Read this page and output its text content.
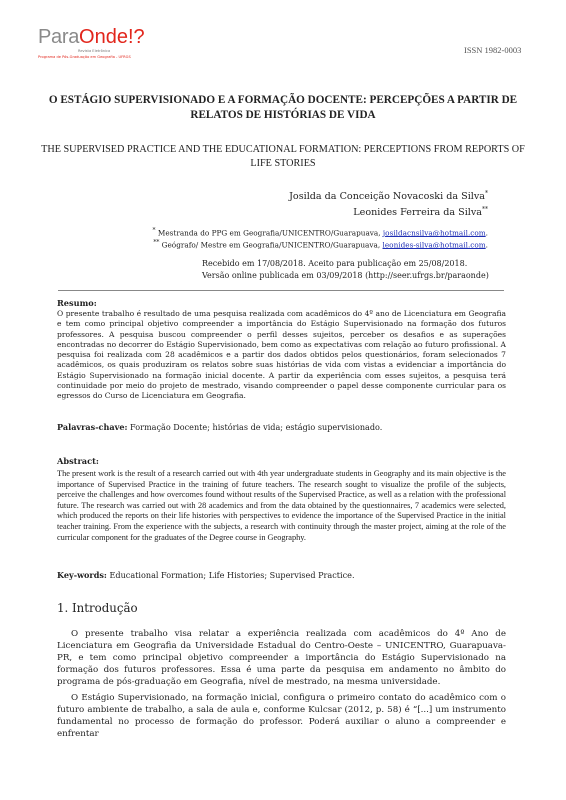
ParaOnde!?
Revista Eletrônica
Programa de Pós-Graduação em Geografia - UFRGS
ISSN 1982-0003
O ESTÁGIO SUPERVISIONADO E A FORMAÇÃO DOCENTE: PERCEPÇÕES A PARTIR DE RELATOS DE HISTÓRIAS DE VIDA
THE SUPERVISED PRACTICE AND THE EDUCATIONAL FORMATION: PERCEPTIONS FROM REPORTS OF LIFE STORIES
Josilda da Conceição Novacoski da Silva*
Leonides Ferreira da Silva**
* Mestranda do PPG em Geografia/UNICENTRO/Guarapuava, josildacnsilva@hotmail.com.
** Geógrafo/ Mestre em Geografia/UNICENTRO/Guarapuava, leonides-silva@hotmail.com.
Recebido em 17/08/2018. Aceito para publicação em 25/08/2018.
Versão online publicada em 03/09/2018 (http://seer.ufrgs.br/paraonde)
Resumo:
O presente trabalho é resultado de uma pesquisa realizada com acadêmicos do 4º ano de Licenciatura em Geografia e tem como principal objetivo compreender a importância do Estágio Supervisionado na formação dos futuros professores. A pesquisa buscou compreender o perfil desses sujeitos, perceber os desafios e as superações encontradas no decorrer do Estágio Supervisionado, bem como as expectativas com relação ao futuro profissional. A pesquisa foi realizada com 28 acadêmicos e a partir dos dados obtidos pelos questionários, foram selecionados 7 acadêmicos, os quais produziram os relatos sobre suas histórias de vida com vistas a evidenciar a importância do Estágio Supervisionado na formação inicial docente. A partir da experiência com esses sujeitos, a pesquisa terá continuidade por meio do projeto de mestrado, visando compreender o papel desse componente curricular para os egressos do Curso de Licenciatura em Geografia.
Palavras-chave: Formação Docente; histórias de vida; estágio supervisionado.
Abstract:
The present work is the result of a research carried out with 4th year undergraduate students in Geography and its main objective is the importance of Supervised Practice in the training of future teachers. The research sought to visualize the profile of the subjects, perceive the challenges and how overcomes found without results of the Supervised Practice, as well as a relation with the professional future. The research was carried out with 28 academics and from the data obtained by the questionnaires, 7 academics were selected, which produced the reports on their life histories with perspectives to evidence the importance of the Supervised Practice in the initial teacher training. From the experience with the subjects, a research with continuity through the master project, aiming at the role of the curricular component for the graduates of the Degree course in Geography.
Key-words: Educational Formation; Life Histories; Supervised Practice.
1. Introdução
O presente trabalho visa relatar a experiência realizada com acadêmicos do 4º Ano de Licenciatura em Geografia da Universidade Estadual do Centro-Oeste – UNICENTRO, Guarapuava-PR, e tem como principal objetivo compreender a importância do Estágio Supervisionado na formação dos futuros professores. Essa é uma parte da pesquisa em andamento no âmbito do programa de pós-graduação em Geografia, nível de mestrado, na mesma universidade.
O Estágio Supervisionado, na formação inicial, configura o primeiro contato do acadêmico com o futuro ambiente de trabalho, a sala de aula e, conforme Kulcsar (2012, p. 58) é “[...] um instrumento fundamental no processo de formação do professor. Poderá auxiliar o aluno a compreender e enfrentar
